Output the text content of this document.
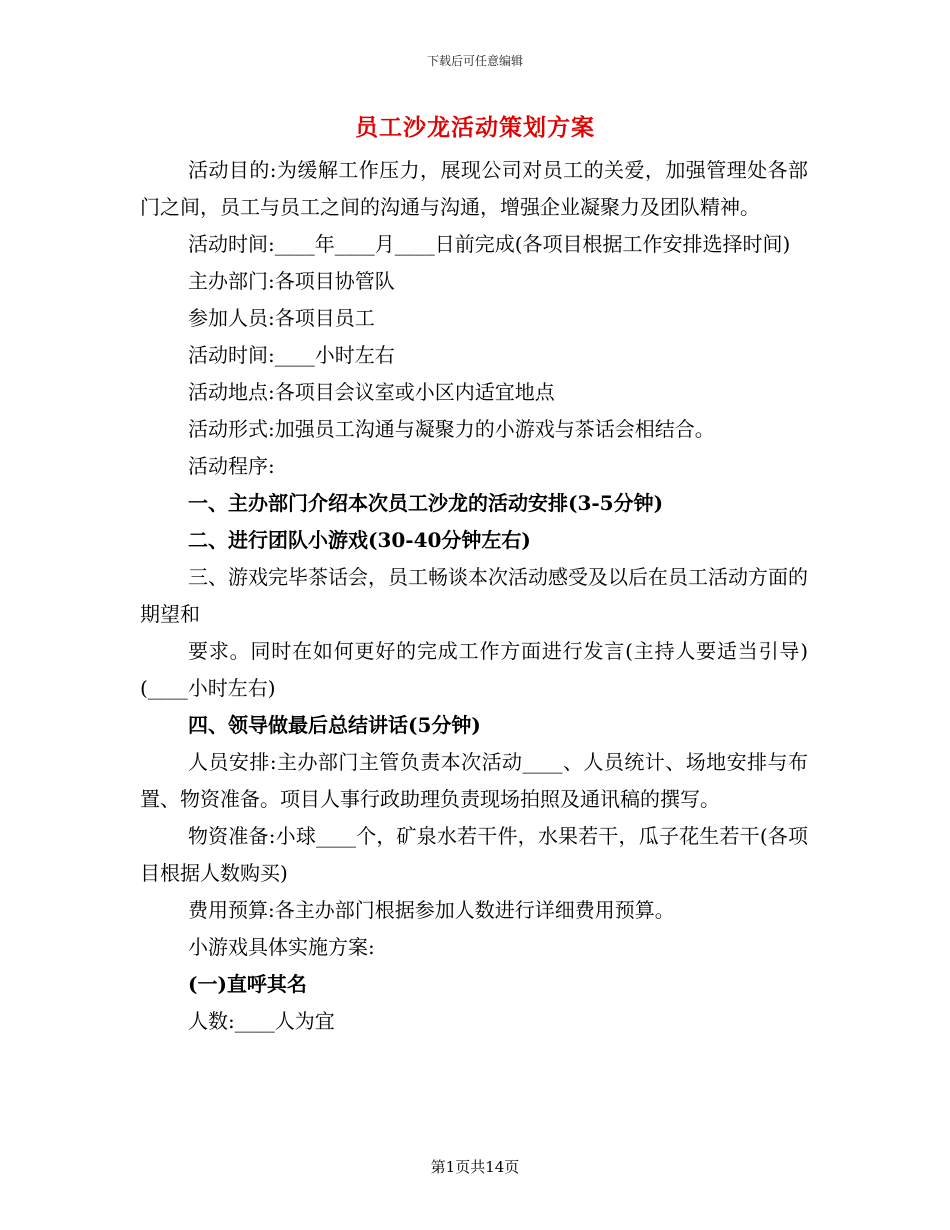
下载后可任意编辑
员工沙龙活动策划方案

活动目的:为缓解工作压力，展现公司对员工的关爱，加强管理处各部门之间，员工与员工之间的沟通与沟通，增强企业凝聚力及团队精神。

活动时间:____年____月____日前完成(各项目根据工作安排选择时间)

主办部门:各项目协管队

参加人员:各项目员工

活动时间:____小时左右

活动地点:各项目会议室或小区内适宜地点

活动形式:加强员工沟通与凝聚力的小游戏与茶话会相结合。

活动程序:

一、主办部门介绍本次员工沙龙的活动安排(3-5分钟)

二、进行团队小游戏(30-40分钟左右)

三、游戏完毕茶话会，员工畅谈本次活动感受及以后在员工活动方面的期望和

要求。同时在如何更好的完成工作方面进行发言(主持人要适当引导)(____小时左右)

四、领导做最后总结讲话(5分钟)

人员安排:主办部门主管负责本次活动____、人员统计、场地安排与布置、物资准备。项目人事行政助理负责现场拍照及通讯稿的撰写。

物资准备:小球____个，矿泉水若干件，水果若干，瓜子花生若干(各项目根据人数购买)

费用预算:各主办部门根据参加人数进行详细费用预算。

小游戏具体实施方案:

(一)直呼其名

人数:____人为宜

第1页共14页
